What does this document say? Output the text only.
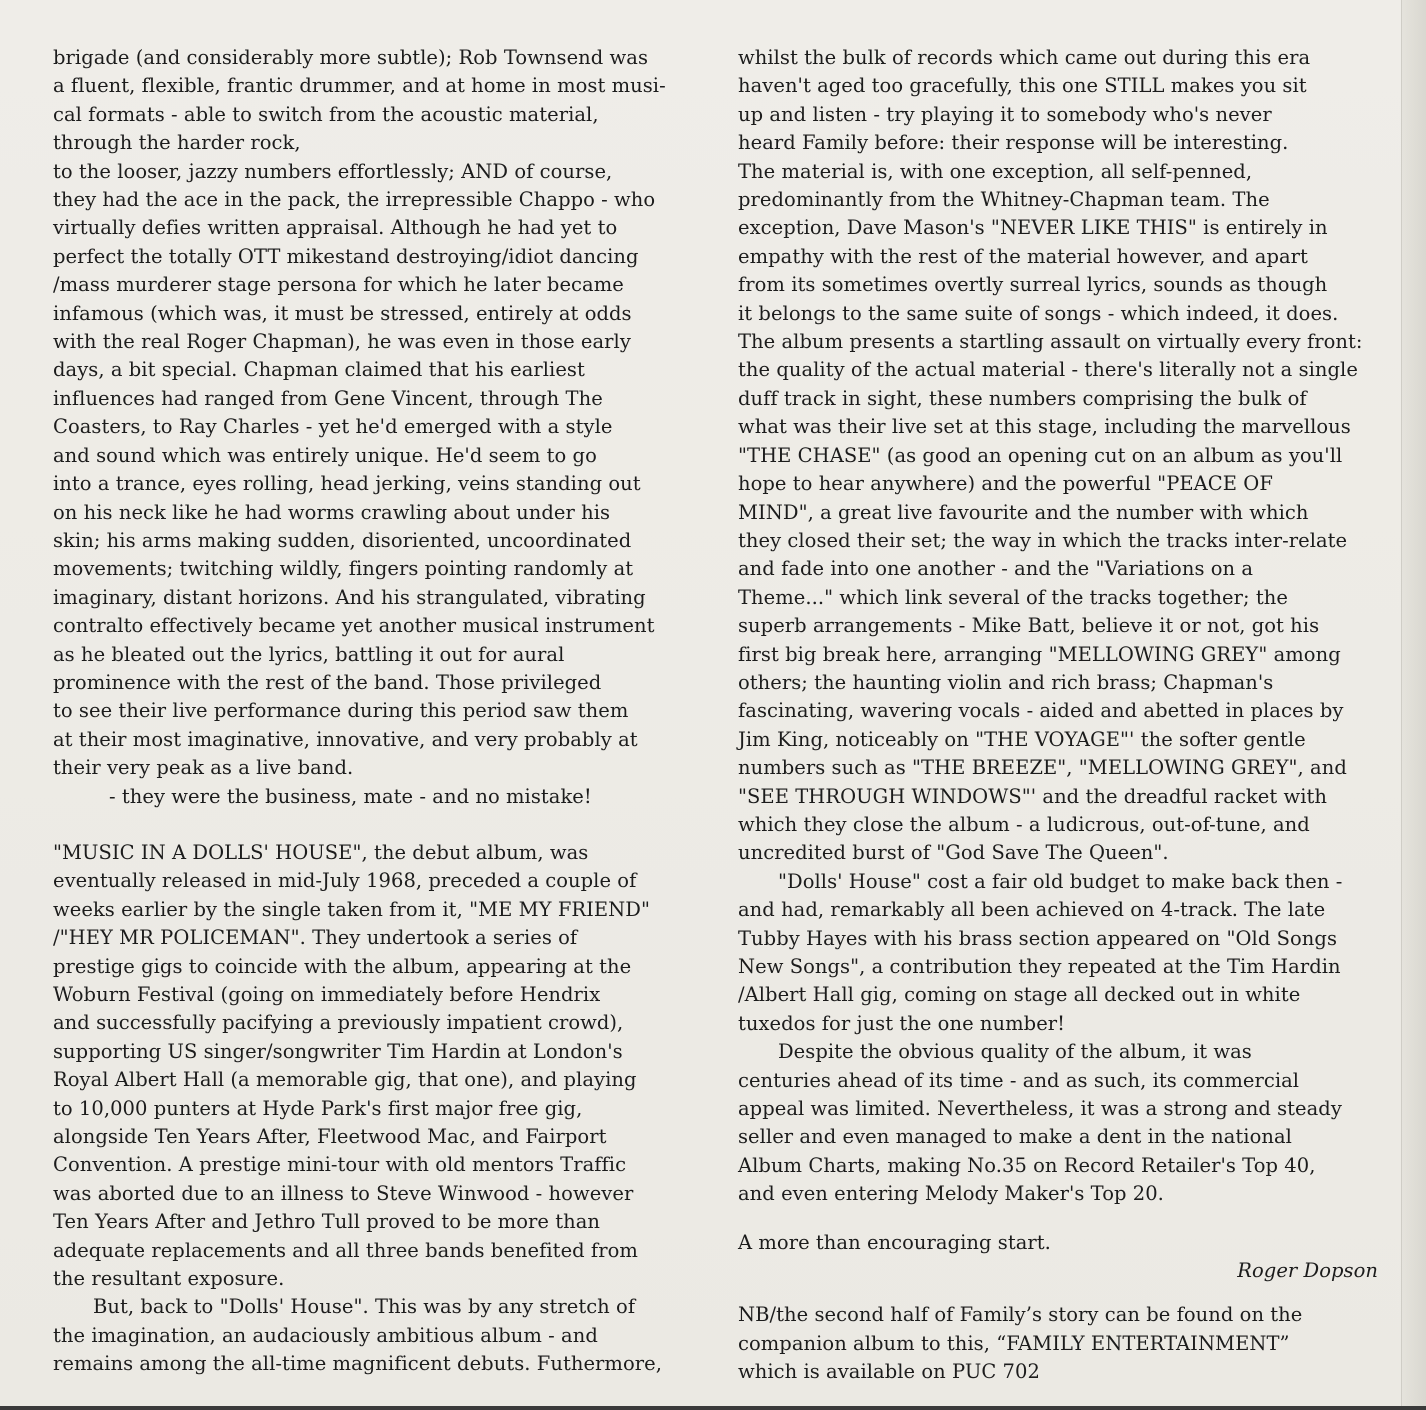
brigade (and considerably more subtle); Rob Townsend was
a fluent, flexible, frantic drummer, and at home in most musi-
cal formats - able to switch from the acoustic material,
through the harder rock,
to the looser, jazzy numbers effortlessly; AND of course,
they had the ace in the pack, the irrepressible Chappo - who
virtually defies written appraisal. Although he had yet to
perfect the totally OTT mikestand destroying/idiot dancing
/mass murderer stage persona for which he later became
infamous (which was, it must be stressed, entirely at odds
with the real Roger Chapman), he was even in those early
days, a bit special. Chapman claimed that his earliest
influences had ranged from Gene Vincent, through The
Coasters, to Ray Charles - yet he'd emerged with a style
and sound which was entirely unique. He'd seem to go
into a trance, eyes rolling, head jerking, veins standing out
on his neck like he had worms crawling about under his
skin; his arms making sudden, disoriented, uncoordinated
movements; twitching wildly, fingers pointing randomly at
imaginary, distant horizons. And his strangulated, vibrating
contralto effectively became yet another musical instrument
as he bleated out the lyrics, battling it out for aural
prominence with the rest of the band. Those privileged
to see their live performance during this period saw them
at their most imaginative, innovative, and very probably at
their very peak as a live band.
- they were the business, mate - and no mistake!
"MUSIC IN A DOLLS' HOUSE", the debut album, was
eventually released in mid-July 1968, preceded a couple of
weeks earlier by the single taken from it, "ME MY FRIEND"
/"HEY MR POLICEMAN". They undertook a series of
prestige gigs to coincide with the album, appearing at the
Woburn Festival (going on immediately before Hendrix
and successfully pacifying a previously impatient crowd),
supporting US singer/songwriter Tim Hardin at London's
Royal Albert Hall (a memorable gig, that one), and playing
to 10,000 punters at Hyde Park's first major free gig,
alongside Ten Years After, Fleetwood Mac, and Fairport
Convention. A prestige mini-tour with old mentors Traffic
was aborted due to an illness to Steve Winwood - however
Ten Years After and Jethro Tull proved to be more than
adequate replacements and all three bands benefited from
the resultant exposure.
But, back to "Dolls' House". This was by any stretch of
the imagination, an audaciously ambitious album - and
remains among the all-time magnificent debuts. Futhermore,
whilst the bulk of records which came out during this era
haven't aged too gracefully, this one STILL makes you sit
up and listen - try playing it to somebody who's never
heard Family before: their response will be interesting.
The material is, with one exception, all self-penned,
predominantly from the Whitney-Chapman team. The
exception, Dave Mason's "NEVER LIKE THIS" is entirely in
empathy with the rest of the material however, and apart
from its sometimes overtly surreal lyrics, sounds as though
it belongs to the same suite of songs - which indeed, it does.
The album presents a startling assault on virtually every front:
the quality of the actual material - there's literally not a single
duff track in sight, these numbers comprising the bulk of
what was their live set at this stage, including the marvellous
"THE CHASE" (as good an opening cut on an album as you'll
hope to hear anywhere) and the powerful "PEACE OF
MIND", a great live favourite and the number with which
they closed their set; the way in which the tracks inter-relate
and fade into one another - and the "Variations on a
Theme..." which link several of the tracks together; the
superb arrangements - Mike Batt, believe it or not, got his
first big break here, arranging "MELLOWING GREY" among
others; the haunting violin and rich brass; Chapman's
fascinating, wavering vocals - aided and abetted in places by
Jim King, noticeably on "THE VOYAGE"' the softer gentle
numbers such as "THE BREEZE", "MELLOWING GREY", and
"SEE THROUGH WINDOWS"' and the dreadful racket with
which they close the album - a ludicrous, out-of-tune, and
uncredited burst of "God Save The Queen".
"Dolls' House" cost a fair old budget to make back then -
and had, remarkably all been achieved on 4-track. The late
Tubby Hayes with his brass section appeared on "Old Songs
New Songs", a contribution they repeated at the Tim Hardin
/Albert Hall gig, coming on stage all decked out in white
tuxedos for just the one number!
Despite the obvious quality of the album, it was
centuries ahead of its time - and as such, its commercial
appeal was limited. Nevertheless, it was a strong and steady
seller and even managed to make a dent in the national
Album Charts, making No.35 on Record Retailer's Top 40,
and even entering Melody Maker's Top 20.
A more than encouraging start.
Roger Dopson
NB/the second half of Family’s story can be found on the
companion album to this, “FAMILY ENTERTAINMENT”
which is available on PUC 702
